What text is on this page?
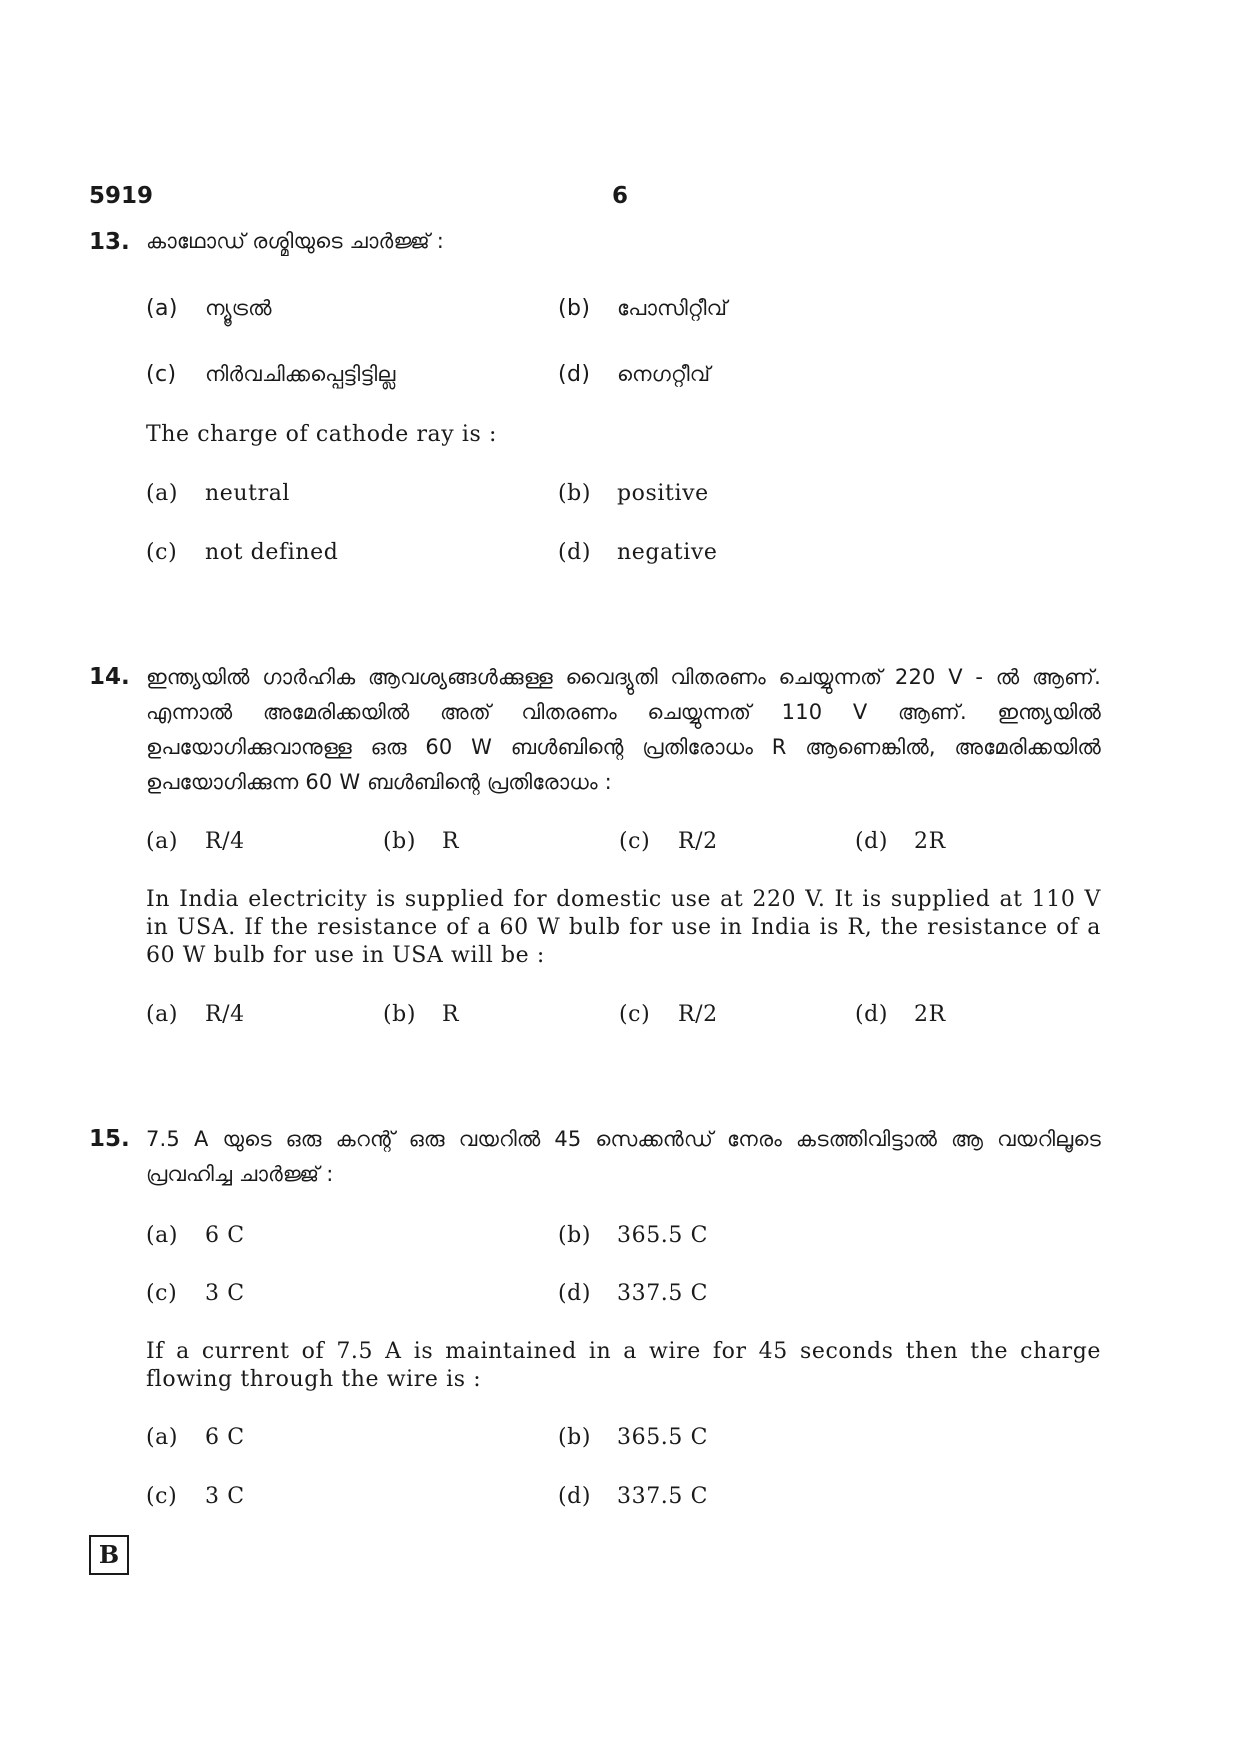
5919	6
13. കാഥോഡ് രശ്മിയുടെ ചാർജ്ജ് :
(a) ന്യൂട്രൽ	(b) പോസിറ്റീവ്
(c) നിർവചിക്കപ്പെട്ടിട്ടില്ല	(d) നെഗറ്റീവ്
The charge of cathode ray is :
(a) neutral	(b) positive
(c) not defined	(d) negative
14. ഇന്ത്യയിൽ ഗാർഹിക ആവശ്യങ്ങൾക്കുള്ള വൈദ്യുതി വിതരണം ചെയ്യുന്നത് 220 V - ൽ ആണ്. എന്നാൽ അമേരിക്കയിൽ അത് വിതരണം ചെയ്യുന്നത് 110 V ആണ്. ഇന്ത്യയിൽ ഉപയോഗിക്കുവാനുള്ള ഒരു 60 W ബൾബിന്റെ പ്രതിരോധം R ആണെങ്കിൽ, അമേരിക്കയിൽ ഉപയോഗിക്കുന്ന 60 W ബൾബിന്റെ പ്രതിരോധം :
(a) R/4	(b) R	(c) R/2	(d) 2R
In India electricity is supplied for domestic use at 220 V. It is supplied at 110 V in USA. If the resistance of a 60 W bulb for use in India is R, the resistance of a 60 W bulb for use in USA will be :
(a) R/4	(b) R	(c) R/2	(d) 2R
15. 7.5 A യുടെ ഒരു കറന്റ് ഒരു വയറിൽ 45 സെക്കൻഡ് നേരം കടത്തിവിട്ടാൽ ആ വയറിലൂടെ പ്രവഹിച്ച ചാർജ്ജ് :
(a) 6 C	(b) 365.5 C
(c) 3 C	(d) 337.5 C
If a current of 7.5 A is maintained in a wire for 45 seconds then the charge flowing through the wire is :
(a) 6 C	(b) 365.5 C
(c) 3 C	(d) 337.5 C
B
